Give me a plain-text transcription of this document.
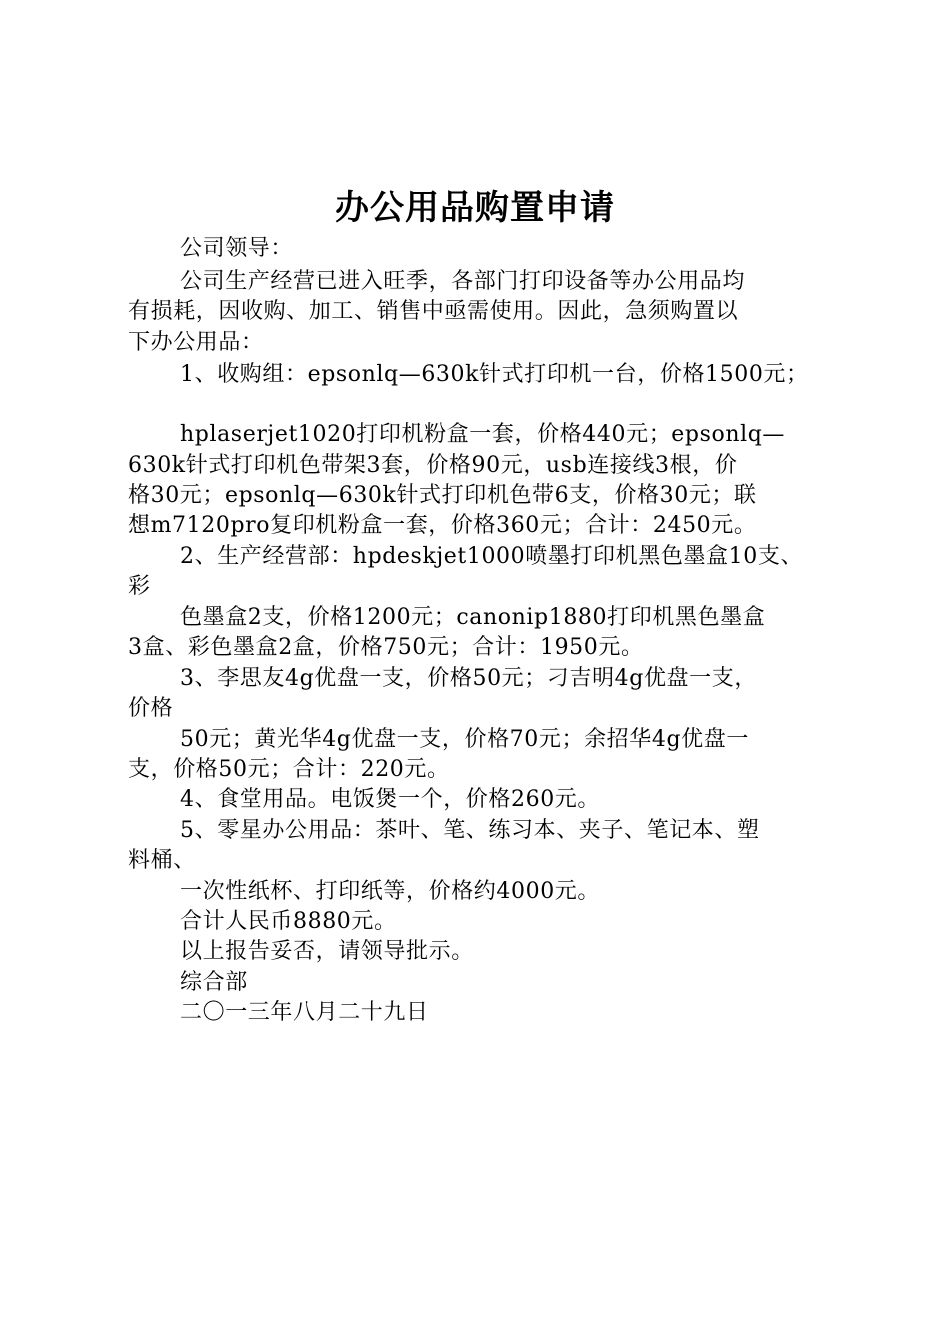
办公用品购置申请
公司领导：
公司生产经营已进入旺季，各部门打印设备等办公用品均
有损耗，因收购、加工、销售中亟需使用。因此，急须购置以
下办公用品：
1、收购组：epsonlq—630k针式打印机一台，价格1500元；
hplaserjet1020打印机粉盒一套，价格440元；epsonlq—
630k针式打印机色带架3套，价格90元，usb连接线3根，价
格30元；epsonlq—630k针式打印机色带6支，价格30元；联
想m7120pro复印机粉盒一套，价格360元；合计：2450元。
2、生产经营部：hpdeskjet1000喷墨打印机黑色墨盒10支、
彩
色墨盒2支，价格1200元；canonip1880打印机黑色墨盒
3盒、彩色墨盒2盒，价格750元；合计：1950元。
3、李思友4g优盘一支，价格50元；刁吉明4g优盘一支，
价格
50元；黄光华4g优盘一支，价格70元；余招华4g优盘一
支，价格50元；合计：220元。
4、食堂用品。电饭煲一个，价格260元。
5、零星办公用品：茶叶、笔、练习本、夹子、笔记本、塑
料桶、
一次性纸杯、打印纸等，价格约4000元。
合计人民币8880元。
以上报告妥否，请领导批示。
综合部
二〇一三年八月二十九日
